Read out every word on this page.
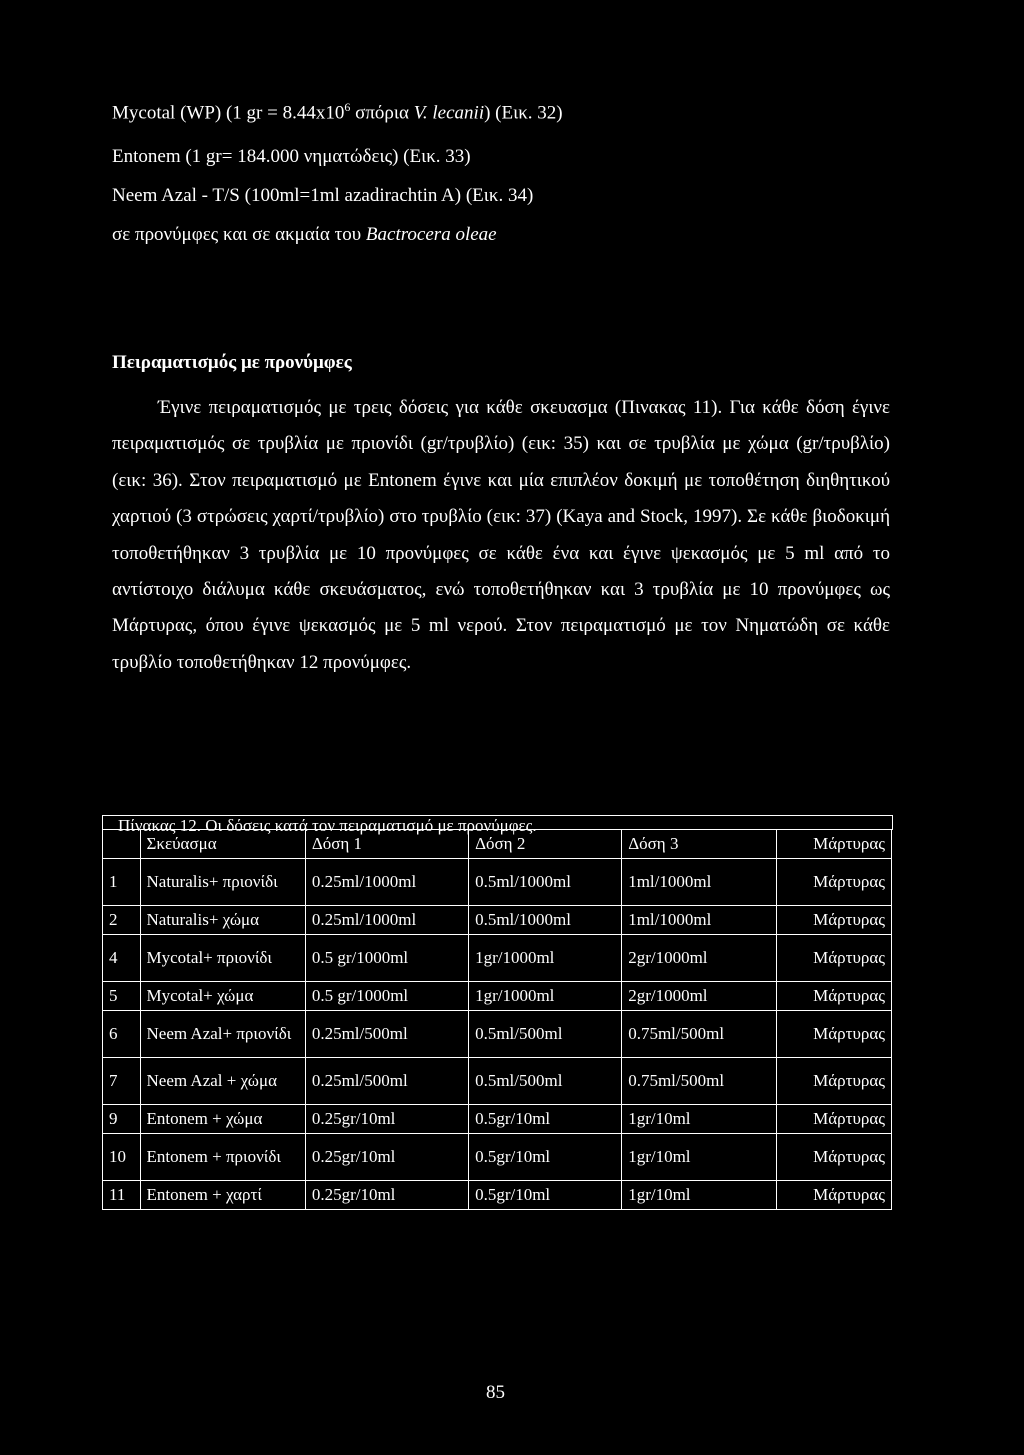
Mycotal (WP) (1 gr = $8.44x10^6$ σπόρια V. lecanii) (Εικ. 32)
Entonem (1 gr= 184.000 νηματώδεις) (Εικ. 33)
Neem Azal - T/S (100ml=1ml azadirachtin A) (Εικ. 34)
σε προνύμφες και σε ακμαία του Bactrocera oleae
Πειραματισμός με προνύμφες

Έγινε πειραματισμός με τρεις δόσεις για κάθε σκευασμα (Πινακας 11). Για κάθε δόση έγινε πειραματισμός σε τρυβλία με πριονίδι (gr/τρυβλίο) (εικ: 35) και σε τρυβλία με χώμα (gr/τρυβλίο) (εικ: 36). Στον πειραματισμό με Entonem έγινε και μία επιπλέον δοκιμή με τοποθέτηση διηθητικού χαρτιού (3 στρώσεις χαρτί/τρυβλίο) στο τρυβλίο (εικ: 37) (Kaya and Stock, 1997). Σε κάθε βιοδοκιμή τοποθετήθηκαν 3 τρυβλία με 10 προνύμφες σε κάθε ένα και έγινε ψεκασμός με 5 ml από το αντίστοιχο διάλυμα κάθε σκευάσματος, ενώ τοποθετήθηκαν και 3 τρυβλία με 10 προνύμφες ως Μάρτυρας, όπου έγινε ψεκασμός με 5 ml νερού. Στον πειραματισμό με τον Νηματώδη σε κάθε τρυβλίο τοποθετήθηκαν 12 προνύμφες.

Πίνακας 12. Οι δόσεις κατά τον πειραματισμό με προνύμφες.
	Σκεύασμα	Δόση 1	Δόση 2	Δόση 3	Μάρτυρας
1	Naturalis+ πριονίδι	0.25ml/1000ml	0.5ml/1000ml	1ml/1000ml	Μάρτυρας
2	Naturalis+ χώμα	0.25ml/1000ml	0.5ml/1000ml	1ml/1000ml	Μάρτυρας
4	Mycotal+ πριονίδι	0.5 gr/1000ml	1gr/1000ml	2gr/1000ml	Μάρτυρας
5	Mycotal+ χώμα	0.5 gr/1000ml	1gr/1000ml	2gr/1000ml	Μάρτυρας
6	Neem Azal+ πριονίδι	0.25ml/500ml	0.5ml/500ml	0.75ml/500ml	Μάρτυρας
7	Neem Azal + χώμα	0.25ml/500ml	0.5ml/500ml	0.75ml/500ml	Μάρτυρας
9	Entonem + χώμα	0.25gr/10ml	0.5gr/10ml	1gr/10ml	Μάρτυρας
10	Entonem + πριονίδι	0.25gr/10ml	0.5gr/10ml	1gr/10ml	Μάρτυρας
11	Entonem + χαρτί	0.25gr/10ml	0.5gr/10ml	1gr/10ml	Μάρτυρας
85
